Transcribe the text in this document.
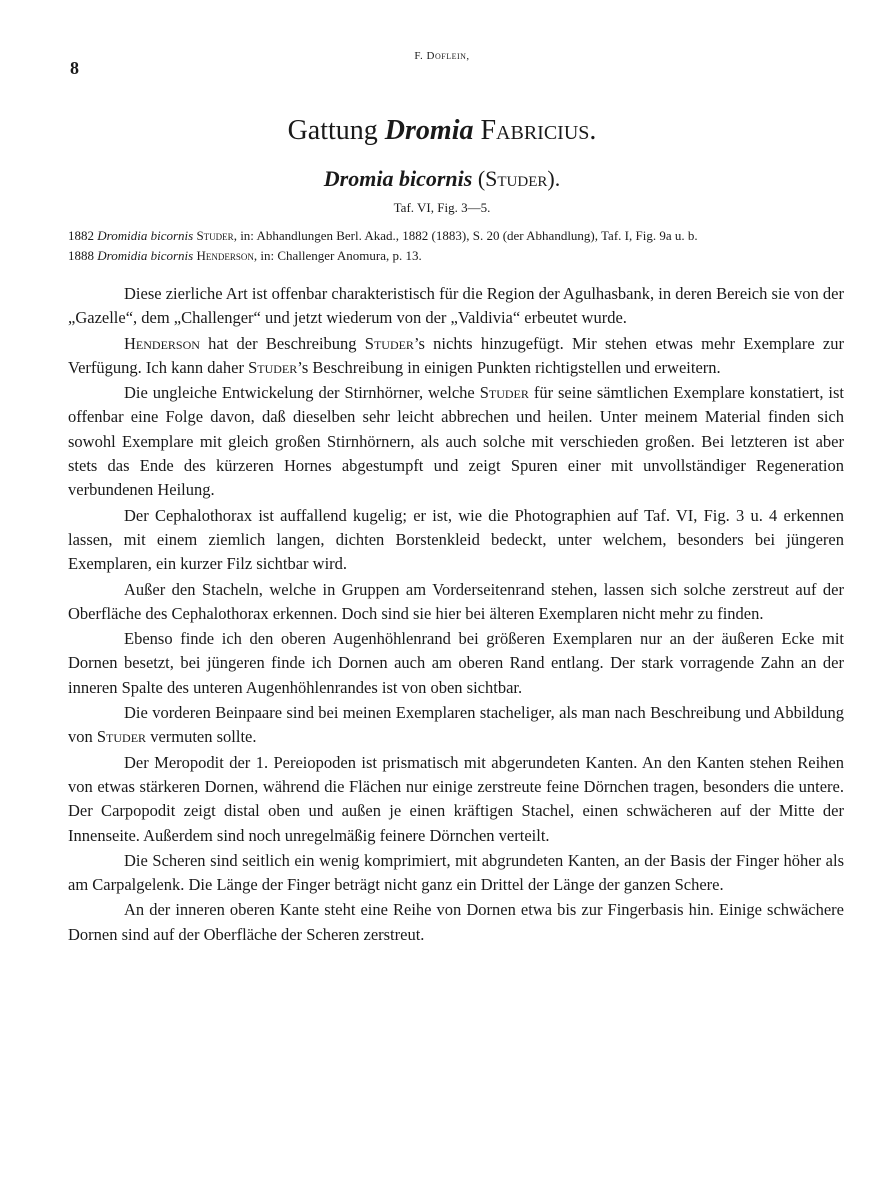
8
F. Doflein,
Gattung Dromia Fabricius.
Dromia bicornis (Studer).
Taf. VI, Fig. 3—5.
1882 Dromidia bicornis Studer, in: Abhandlungen Berl. Akad., 1882 (1883), S. 20 (der Abhandlung), Taf. I, Fig. 9a u. b.
1888 Dromidia bicornis Henderson, in: Challenger Anomura, p. 13.

Diese zierliche Art ist offenbar charakteristisch für die Region der Agulhasbank, in deren Bereich sie von der „Gazelle“, dem „Challenger“ und jetzt wiederum von der „Valdivia“ erbeutet wurde.

Henderson hat der Beschreibung Studer’s nichts hinzugefügt. Mir stehen etwas mehr Exemplare zur Verfügung. Ich kann daher Studer’s Beschreibung in einigen Punkten richtigstellen und erweitern.

Die ungleiche Entwickelung der Stirnhörner, welche Studer für seine sämtlichen Exemplare konstatiert, ist offenbar eine Folge davon, daß dieselben sehr leicht abbrechen und heilen. Unter meinem Material finden sich sowohl Exemplare mit gleich großen Stirnhörnern, als auch solche mit verschieden großen. Bei letzteren ist aber stets das Ende des kürzeren Hornes abgestumpft und zeigt Spuren einer mit unvollständiger Regeneration verbundenen Heilung.

Der Cephalothorax ist auffallend kugelig; er ist, wie die Photographien auf Taf. VI, Fig. 3 u. 4 erkennen lassen, mit einem ziemlich langen, dichten Borstenkleid bedeckt, unter welchem, besonders bei jüngeren Exemplaren, ein kurzer Filz sichtbar wird.

Außer den Stacheln, welche in Gruppen am Vorderseitenrand stehen, lassen sich solche zerstreut auf der Oberfläche des Cephalothorax erkennen. Doch sind sie hier bei älteren Exemplaren nicht mehr zu finden.

Ebenso finde ich den oberen Augenhöhlenrand bei größeren Exemplaren nur an der äußeren Ecke mit Dornen besetzt, bei jüngeren finde ich Dornen auch am oberen Rand entlang. Der stark vorragende Zahn an der inneren Spalte des unteren Augenhöhlenrandes ist von oben sichtbar.

Die vorderen Beinpaare sind bei meinen Exemplaren stacheliger, als man nach Beschreibung und Abbildung von Studer vermuten sollte.

Der Meropodit der 1. Pereiopoden ist prismatisch mit abgerundeten Kanten. An den Kanten stehen Reihen von etwas stärkeren Dornen, während die Flächen nur einige zerstreute feine Dörnchen tragen, besonders die untere. Der Carpopodit zeigt distal oben und außen je einen kräftigen Stachel, einen schwächeren auf der Mitte der Innenseite. Außerdem sind noch unregelmäßig feinere Dörnchen verteilt.

Die Scheren sind seitlich ein wenig komprimiert, mit abgrundeten Kanten, an der Basis der Finger höher als am Carpalgelenk. Die Länge der Finger beträgt nicht ganz ein Drittel der Länge der ganzen Schere.

An der inneren oberen Kante steht eine Reihe von Dornen etwa bis zur Fingerbasis hin. Einige schwächere Dornen sind auf der Oberfläche der Scheren zerstreut.
